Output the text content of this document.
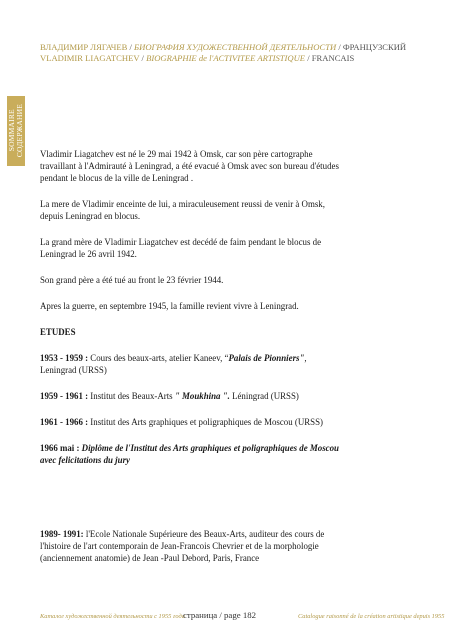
ВЛАДИМИР ЛЯГАЧЕВ / БИОГРАФИЯ ХУДОЖЕСТВЕННОЙ ДЕЯТЕЛЬНОСТИ / ФРАНЦУЗСКИЙ
VLADIMIR LIAGATCHEV / BIOGRAPHIE de l'ACTIVITEE ARTISTIQUE / FRANCAIS
SOMMAIRE
СОДЕРЖАНИЕ Vladimir Liagatchev est né le 29 mai 1942 à Omsk, car son père cartographe travaillant à l'Admirauté à Leningrad, a été evacué à Omsk avec son bureau d'études pendant le blocus de la ville de Leningrad .

La mere de Vladimir enceinte de lui, a miraculeusement reussi de venir à Omsk, depuis Leningrad en blocus.

La grand mère de Vladimir Liagatchev est decédé de faim pendant le blocus de Leningrad le 26 avril 1942.

Son grand père a été tué au front le 23 février 1944.

Apres la guerre, en septembre 1945, la famille revient vivre à Leningrad.

ETUDES

1953 - 1959 : Cours des beaux-arts, atelier Kaneev, “Palais de Pionniers", Leningrad (URSS)

1959 - 1961 : Institut des Beaux-Arts " Moukhina ". Léningrad (URSS)

1961 - 1966 : Institut des Arts graphiques et poligraphiques de Moscou (URSS)

1966 mai : Diplôme de l'Institut des Arts graphiques et poligraphiques de Moscou avec felicitations du jury

1989- 1991: l'Ecole Nationale Supérieure des Beaux-Arts, auditeur des cours de l'histoire de l'art contemporain de Jean-Francois Chevrier et de la morphologie (anciennement anatomie) de Jean -Paul Debord, Paris, France

Каталог художественной деятельности с 1955 года
страница / page 182	Catalogue raisonné de la création artistique depuis 1955
